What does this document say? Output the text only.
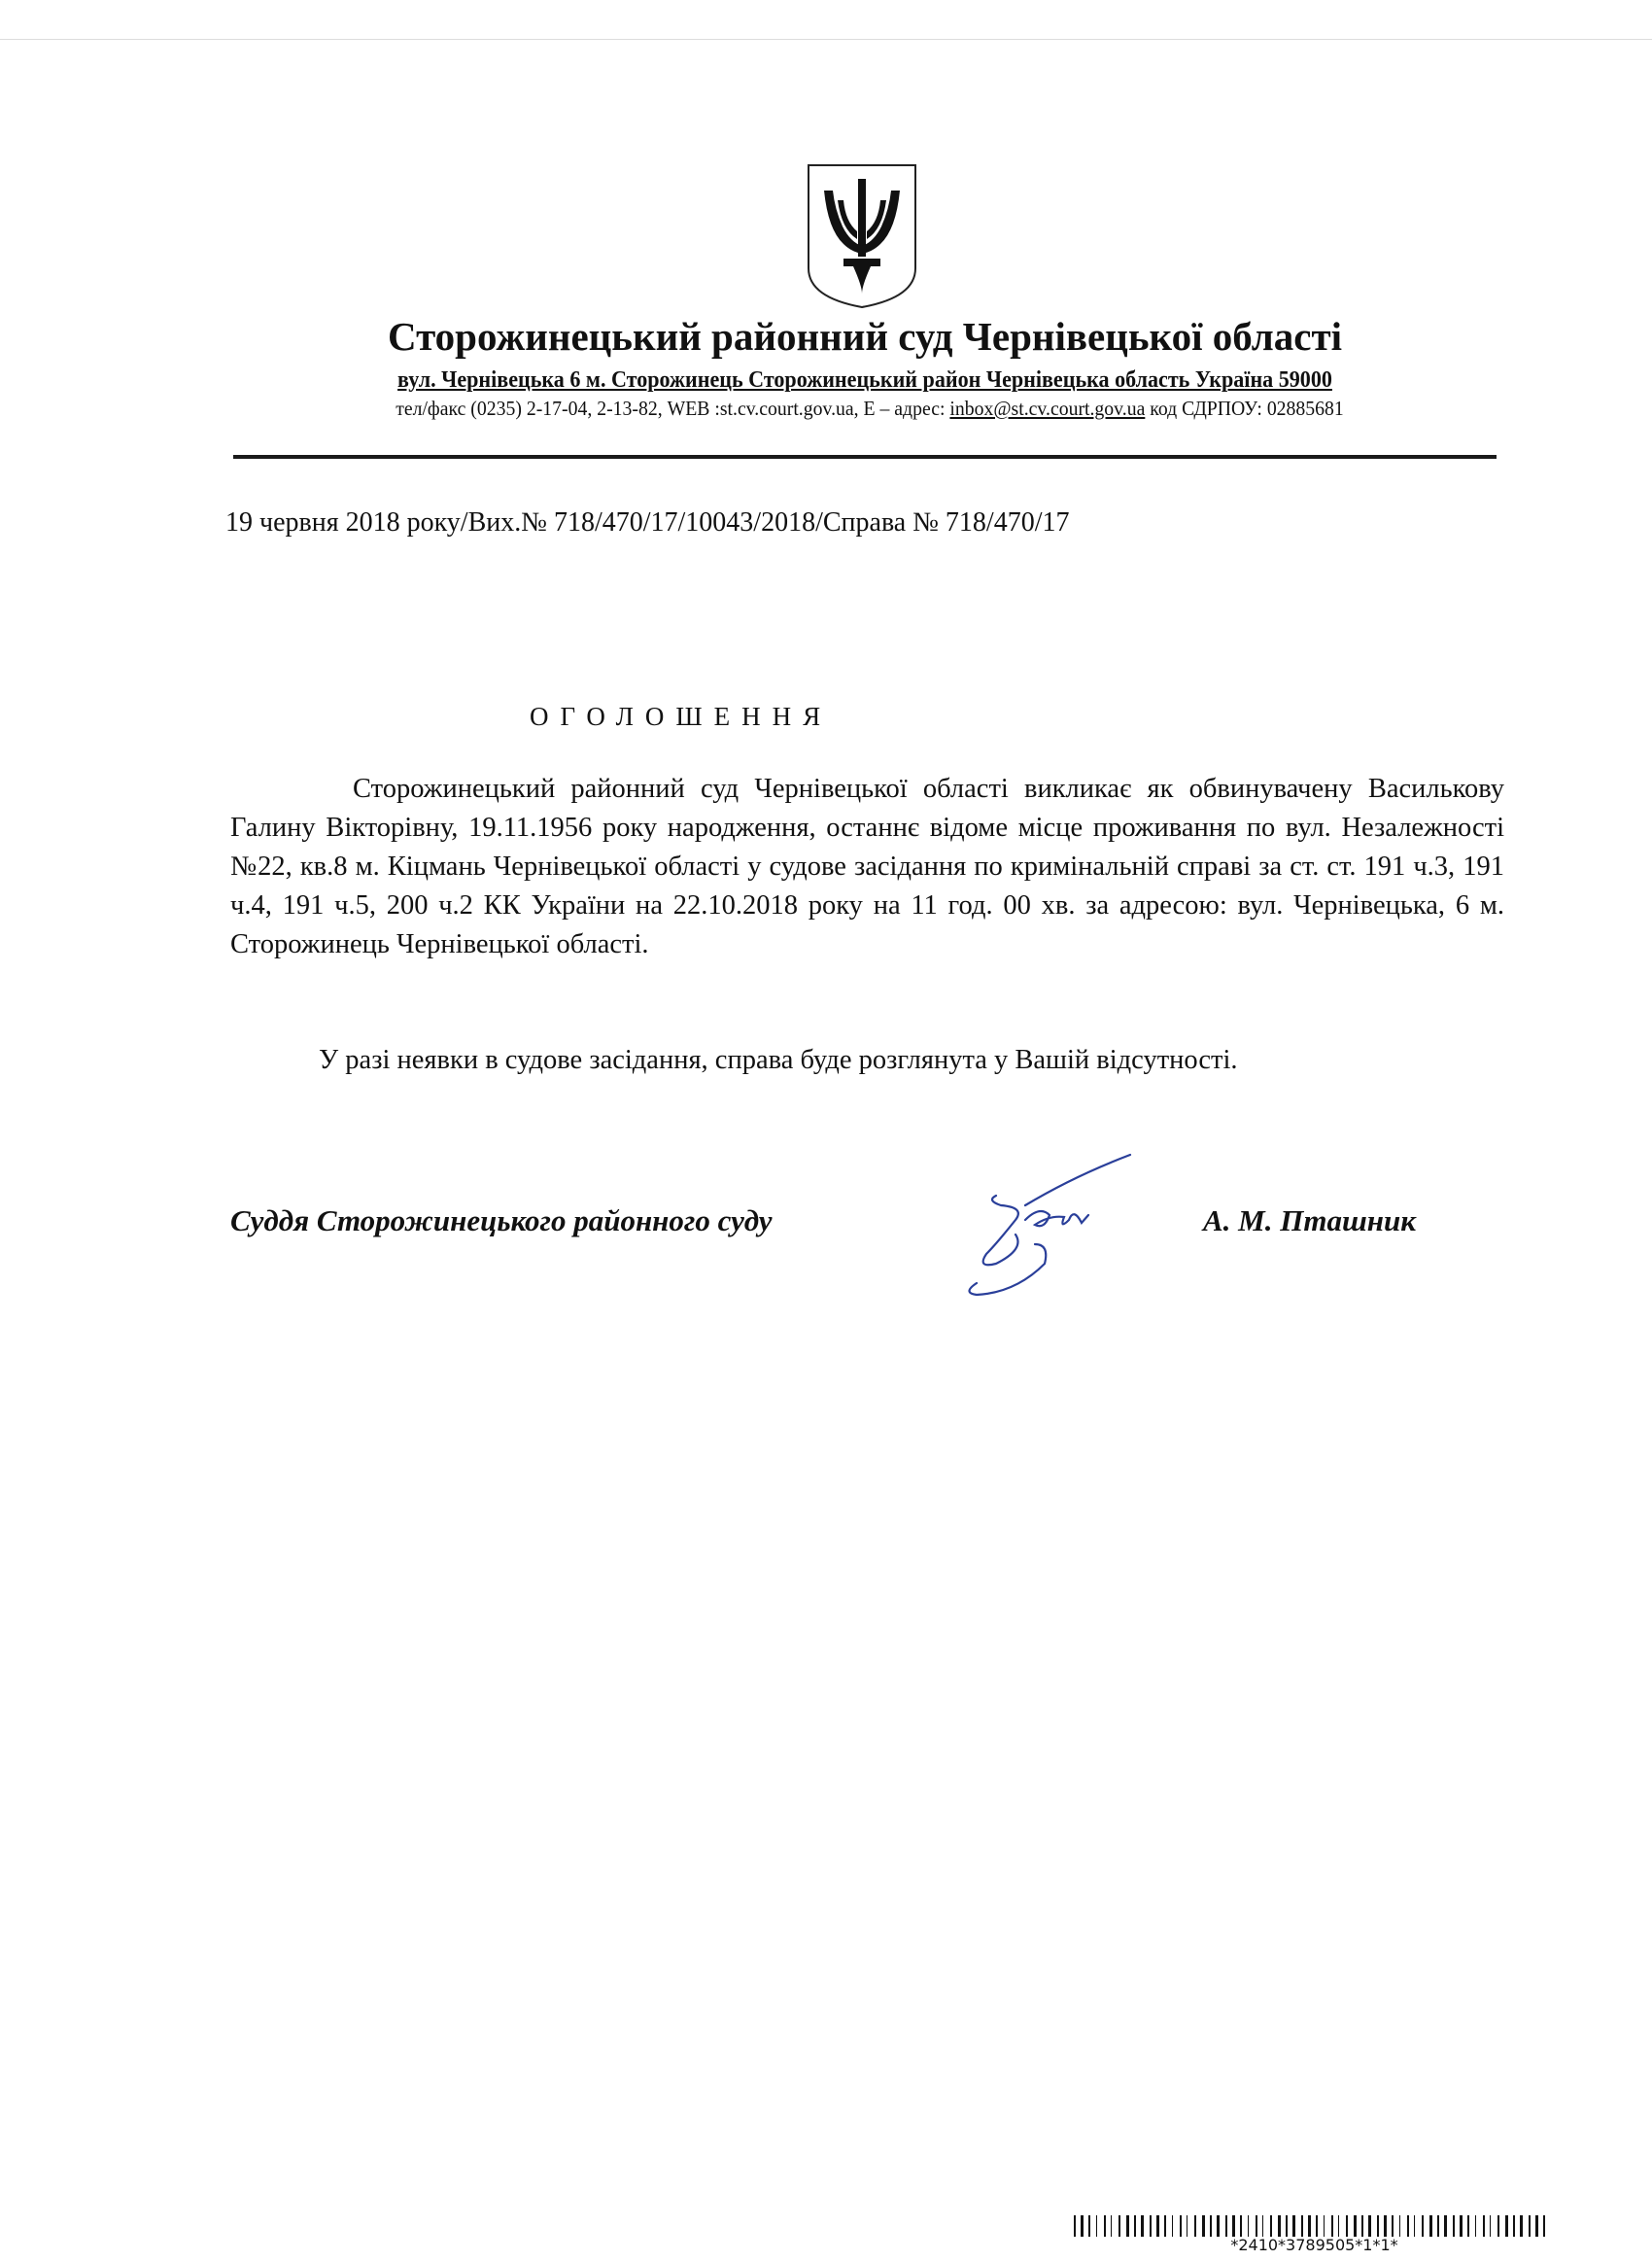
Сторожинецький районний суд Чернівецької області
вул. Чернівецька 6 м. Сторожинець Сторожинецький район Чернівецька область Україна 59000
тел/факс (0235) 2-17-04, 2-13-82, WEB :st.cv.court.gov.ua, E – адрес: inbox@st.cv.court.gov.ua код СДРПОУ: 02885681
19 червня 2018 року/Вих.№ 718/470/17/10043/2018/Справа № 718/470/17
ОГОЛОШЕННЯ
Сторожинецький районний суд Чернівецької області викликає як обвинувачену Василькову Галину Вікторівну, 19.11.1956 року народження, останнє відоме місце проживання по вул. Незалежності №22, кв.8 м. Кіцмань Чернівецької області у судове засідання по кримінальній справі за ст. ст. 191 ч.3, 191 ч.4, 191 ч.5, 200 ч.2 КК України на 22.10.2018 року на 11 год. 00 хв. за адресою: вул. Чернівецька, 6 м. Сторожинець Чернівецької області.
У разі неявки в судове засідання, справа буде розглянута у Вашій відсутності.
Суддя Сторожинецького районного суду	А. М. Пташник
*2410*3789505*1*1*
